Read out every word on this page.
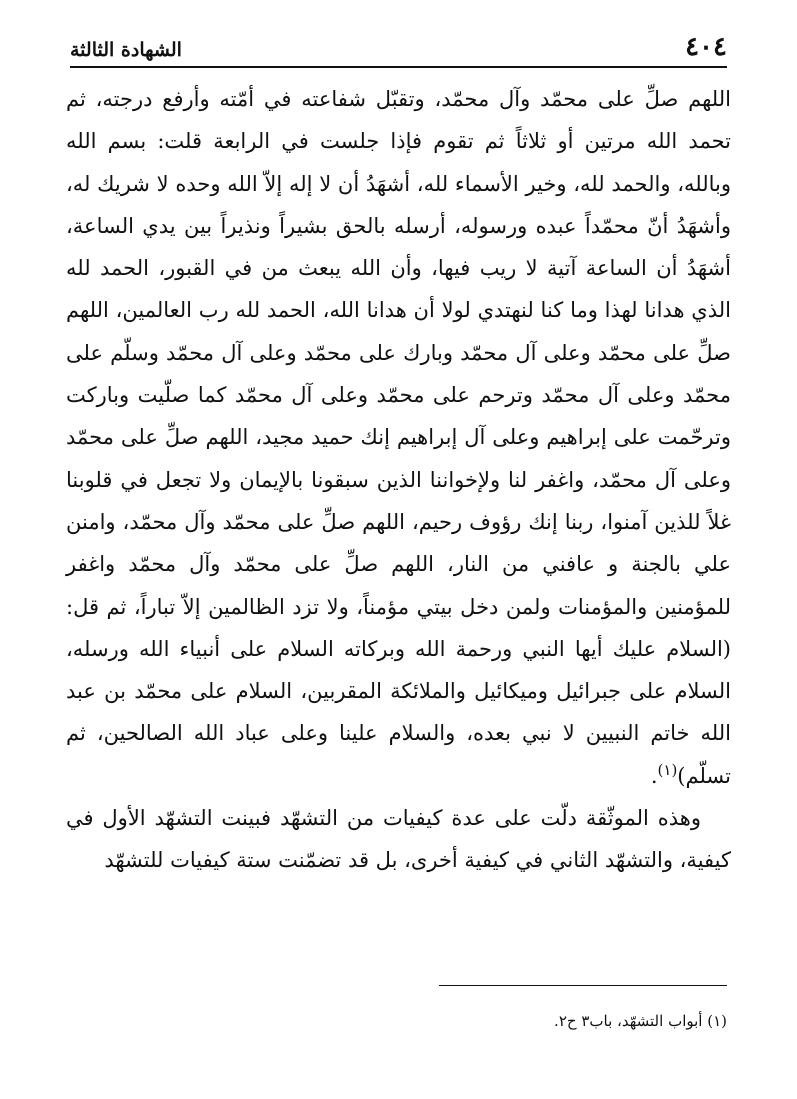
٤٠٤
الشهادة الثالثة

اللهم صلِّ على محمّد وآل محمّد، وتقبّل شفاعته في أمّته وأرفع درجته، ثم تحمد الله مرتين أو ثلاثاً ثم تقوم فإذا جلست في الرابعة قلت: بسم الله وبالله، والحمد لله، وخير الأسماء لله، أشهَدُ أن لا إله إلاّ الله وحده لا شريك له، وأشهَدُ أنّ محمّداً عبده ورسوله، أرسله بالحق بشيراً ونذيراً بين يدي الساعة، أشهَدُ أن الساعة آتية لا ريب فيها، وأن الله يبعث من في القبور، الحمد لله الذي هدانا لهذا وما كنا لنهتدي لولا أن هدانا الله، الحمد لله رب العالمين، اللهم صلِّ على محمّد وعلى آل محمّد وبارك على محمّد وعلى آل محمّد وسلّم على محمّد وعلى آل محمّد وترحم على محمّد وعلى آل محمّد كما صلّيت وباركت وترحّمت على إبراهيم وعلى آل إبراهيم إنك حميد مجيد، اللهم صلِّ على محمّد وعلى آل محمّد، واغفر لنا ولإخواننا الذين سبقونا بالإيمان ولا تجعل في قلوبنا غلاً للذين آمنوا، ربنا إنك رؤوف رحيم، اللهم صلِّ على محمّد وآل محمّد، وامنن علي بالجنة و عافني من النار، اللهم صلِّ على محمّد وآل محمّد واغفر للمؤمنين والمؤمنات ولمن دخل بيتي مؤمناً، ولا تزد الظالمين إلاّ تباراً، ثم قل: (السلام عليك أيها النبي ورحمة الله وبركاته السلام على أنبياء الله ورسله، السلام على جبرائيل وميكائيل والملائكة المقربين، السلام على محمّد بن عبد الله خاتم النبيين لا نبي بعده، والسلام علينا وعلى عباد الله الصالحين، ثم تسلّم)$^{(١)}$.

وهذه الموثّقة دلّت على عدة كيفيات من التشهّد فبينت التشهّد الأول في كيفية، والتشهّد الثاني في كيفية أخرى، بل قد تضمّنت ستة كيفيات للتشهّد

(١) أبواب التشهّد، باب٣ ح٢.
